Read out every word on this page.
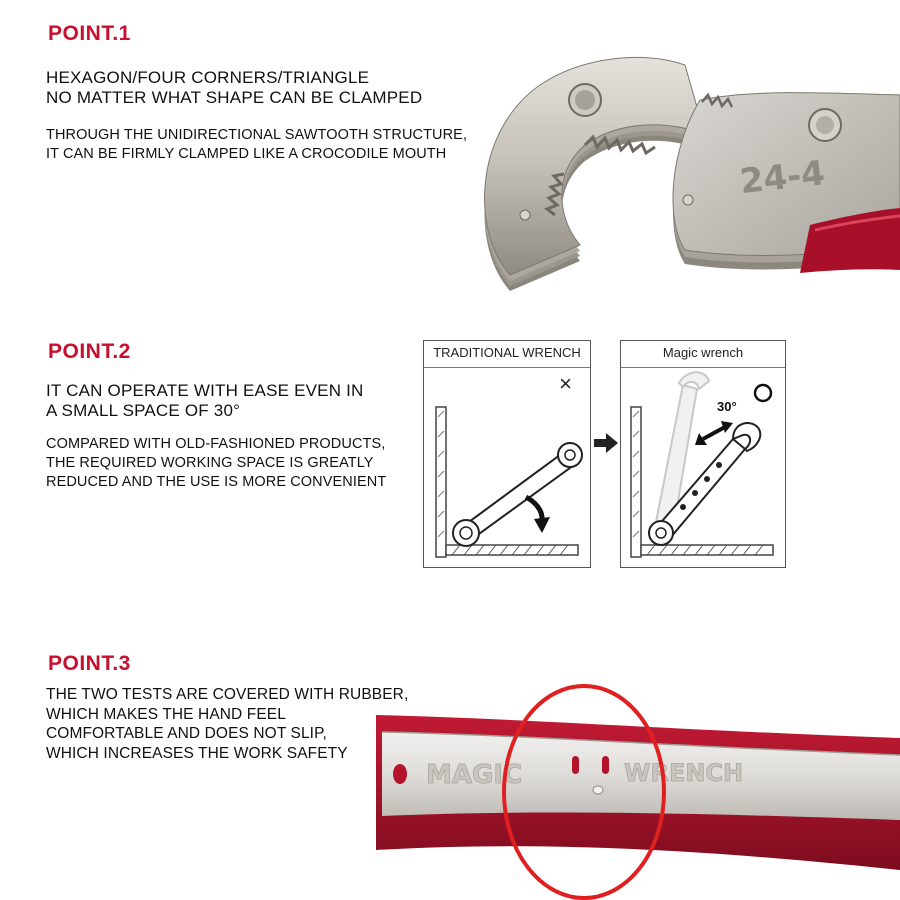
POINT.1
HEXAGON/FOUR CORNERS/TRIANGLE
NO MATTER WHAT SHAPE CAN BE CLAMPED
THROUGH THE UNIDIRECTIONAL SAWTOOTH STRUCTURE,
IT CAN BE FIRMLY CLAMPED LIKE A CROCODILE MOUTH	24-4
POINT.2
IT CAN OPERATE WITH EASE EVEN IN
A SMALL SPACE OF 30°
COMPARED WITH OLD-FASHIONED PRODUCTS,
THE REQUIRED WORKING SPACE IS GREATLY
REDUCED AND THE USE IS MORE CONVENIENT
TRADITIONAL WRENCH
×
Magic wrench
30°
POINT.3
THE TWO TESTS ARE COVERED WITH RUBBER,
WHICH MAKES THE HAND FEEL
COMFORTABLE AND DOES NOT SLIP,
WHICH INCREASES THE WORK SAFETY
MAGIC	WRENCH
